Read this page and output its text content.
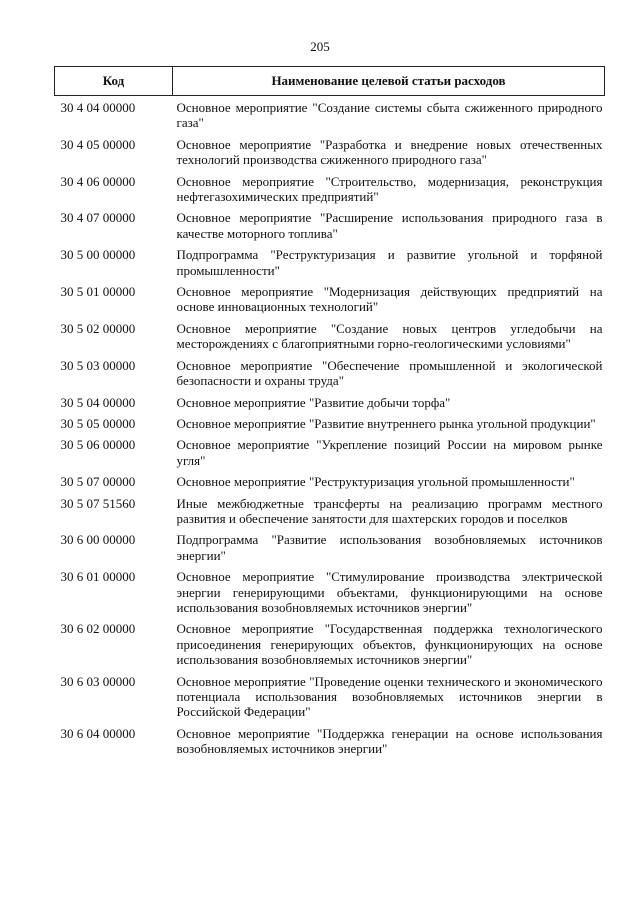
205
Код	Наименование целевой статьи расходов
30 4 04 00000	Основное мероприятие "Создание системы сбыта сжиженного природного газа"
30 4 05 00000	Основное мероприятие "Разработка и внедрение новых отечественных технологий производства сжиженного природного газа"
30 4 06 00000	Основное мероприятие "Строительство, модернизация, реконструкция нефтегазохимических предприятий"
30 4 07 00000	Основное мероприятие "Расширение использования природного газа в качестве моторного топлива"
30 5 00 00000	Подпрограмма "Реструктуризация и развитие угольной и торфяной промышленности"
30 5 01 00000	Основное мероприятие "Модернизация действующих предприятий на основе инновационных технологий"
30 5 02 00000	Основное мероприятие "Создание новых центров угледобычи на месторождениях с благоприятными горно-геологическими условиями"
30 5 03 00000	Основное мероприятие "Обеспечение промышленной и экологической безопасности и охраны труда"
30 5 04 00000	Основное мероприятие "Развитие добычи торфа"
30 5 05 00000	Основное мероприятие "Развитие внутреннего рынка угольной продукции"
30 5 06 00000	Основное мероприятие "Укрепление позиций России на мировом рынке угля"
30 5 07 00000	Основное мероприятие "Реструктуризация угольной промышленности"
30 5 07 51560	Иные межбюджетные трансферты на реализацию программ местного развития и обеспечение занятости для шахтерских городов и поселков
30 6 00 00000	Подпрограмма "Развитие использования возобновляемых источников энергии"
30 6 01 00000	Основное мероприятие "Стимулирование производства электрической энергии генерирующими объектами, функционирующими на основе использования возобновляемых источников энергии"
30 6 02 00000	Основное мероприятие "Государственная поддержка технологического присоединения генерирующих объектов, функционирующих на основе использования возобновляемых источников энергии"
30 6 03 00000	Основное мероприятие "Проведение оценки технического и экономического потенциала использования возобновляемых источников энергии в Российской Федерации"
30 6 04 00000	Основное мероприятие "Поддержка генерации на основе использования возобновляемых источников энергии"
